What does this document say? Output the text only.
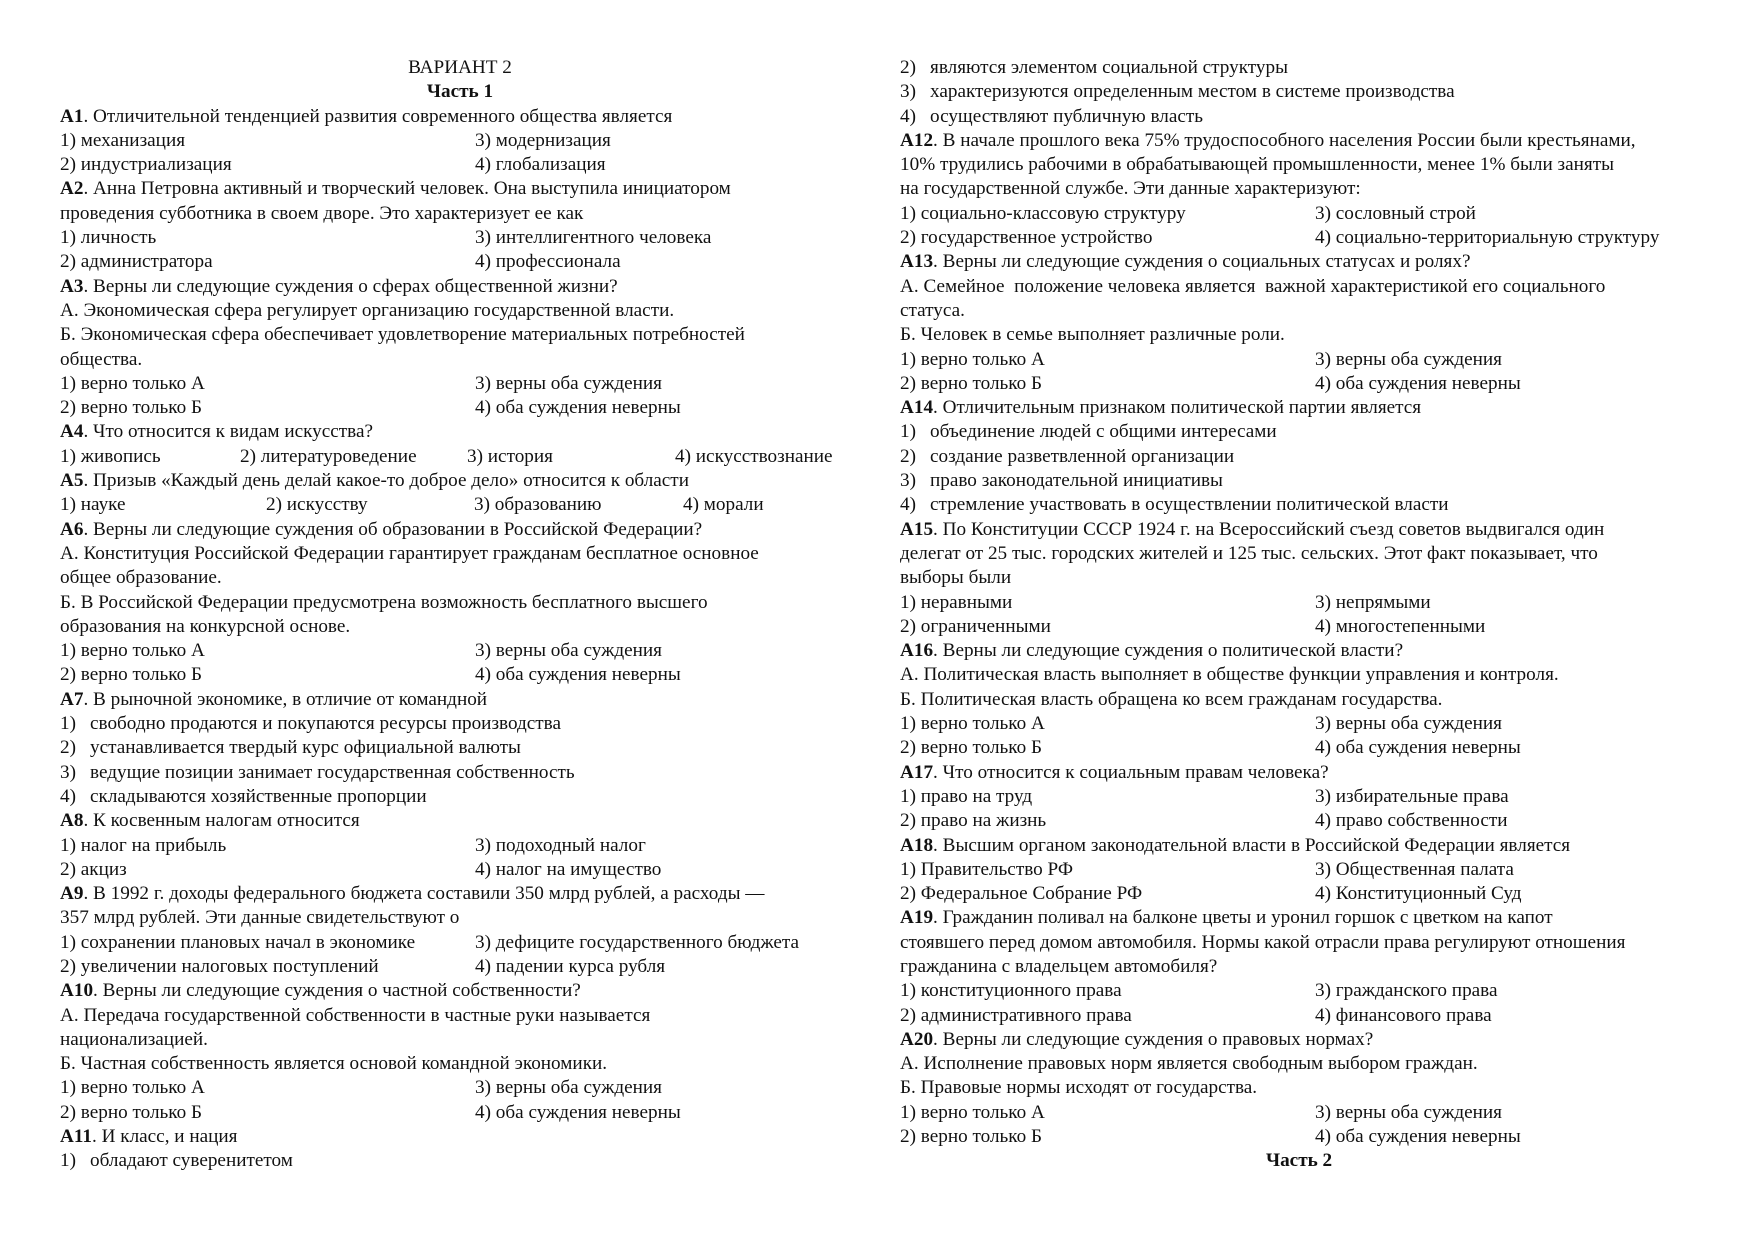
ВАРИАНТ 2
Часть 1
А1. Отличительной тенденцией развития современного общества является
1) механизация	3) модернизация
2) индустриализация	4) глобализация
А2. Анна Петровна активный и творческий человек. Она выступила инициатором
проведения субботника в своем дворе. Это характеризует ее как
1) личность	3) интеллигентного человека
2) администратора	4) профессионала
А3. Верны ли следующие суждения о сферах общественной жизни?
А. Экономическая сфера регулирует организацию государственной власти.
Б. Экономическая сфера обеспечивает удовлетворение материальных потребностей
общества.
1) верно только А	3) верны оба суждения
2) верно только Б	4) оба суждения неверны
А4. Что относится к видам искусства?
1) живопись	2) литературоведение	3) история	4) искусствознание
А5. Призыв «Каждый день делай какое-то доброе дело» относится к области
1) науке	2) искусству	3) образованию	4) морали
А6. Верны ли следующие суждения об образовании в Российской Федерации?
А. Конституция Российской Федерации гарантирует гражданам бесплатное основное
общее образование.
Б. В Российской Федерации предусмотрена возможность бесплатного высшего
образования на конкурсной основе.
1) верно только А	3) верны оба суждения
2) верно только Б	4) оба суждения неверны
А7. В рыночной экономике, в отличие от командной
1) свободно продаются и покупаются ресурсы производства
2) устанавливается твердый курс официальной валюты
3) ведущие позиции занимает государственная собственность
4) складываются хозяйственные пропорции
А8. К косвенным налогам относится
1) налог на прибыль	3) подоходный налог
2) акциз	4) налог на имущество
А9. В 1992 г. доходы федерального бюджета составили 350 млрд рублей, а расходы —
357 млрд рублей. Эти данные свидетельствуют о
1) сохранении плановых начал в экономике	3) дефиците государственного бюджета
2) увеличении налоговых поступлений	4) падении курса рубля
А10. Верны ли следующие суждения о частной собственности?
А. Передача государственной собственности в частные руки называется
национализацией.
Б. Частная собственность является основой командной экономики.
1) верно только А	3) верны оба суждения
2) верно только Б	4) оба суждения неверны
А11. И класс, и нация
1) обладают суверенитетом
2) являются элементом социальной структуры
3) характеризуются определенным местом в системе производства
4) осуществляют публичную власть
А12. В начале прошлого века 75% трудоспособного населения России были крестьянами,
10% трудились рабочими в обрабатывающей промышленности, менее 1% были заняты
на государственной службе. Эти данные характеризуют:
1) социально-классовую структуру	3) сословный строй
2) государственное устройство	4) социально-территориальную структуру
А13. Верны ли следующие суждения о социальных статусах и ролях?
А. Семейное  положение человека является  важной характеристикой его социального
статуса.
Б. Человек в семье выполняет различные роли.
1) верно только А	3) верны оба суждения
2) верно только Б	4) оба суждения неверны
А14. Отличительным признаком политической партии является
1) объединение людей с общими интересами
2) создание разветвленной организации
3) право законодательной инициативы
4) стремление участвовать в осуществлении политической власти
А15. По Конституции СССР 1924 г. на Всероссийский съезд советов выдвигался один
делегат от 25 тыс. городских жителей и 125 тыс. сельских. Этот факт показывает, что
выборы были
1) неравными	3) непрямыми
2) ограниченными	4) многостепенными
А16. Верны ли следующие суждения о политической власти?
А. Политическая власть выполняет в обществе функции управления и контроля.
Б. Политическая власть обращена ко всем гражданам государства.
1) верно только А	3) верны оба суждения
2) верно только Б	4) оба суждения неверны
А17. Что относится к социальным правам человека?
1) право на труд	3) избирательные права
2) право на жизнь	4) право собственности
А18. Высшим органом законодательной власти в Российской Федерации является
1) Правительство РФ	3) Общественная палата
2) Федеральное Собрание РФ	4) Конституционный Суд
А19. Гражданин поливал на балконе цветы и уронил горшок с цветком на капот
стоявшего перед домом автомобиля. Нормы какой отрасли права регулируют отношения
гражданина с владельцем автомобиля?
1) конституционного права	3) гражданского права
2) административного права	4) финансового права
А20. Верны ли следующие суждения о правовых нормах?
А. Исполнение правовых норм является свободным выбором граждан.
Б. Правовые нормы исходят от государства.
1) верно только А	3) верны оба суждения
2) верно только Б	4) оба суждения неверны
Часть 2
